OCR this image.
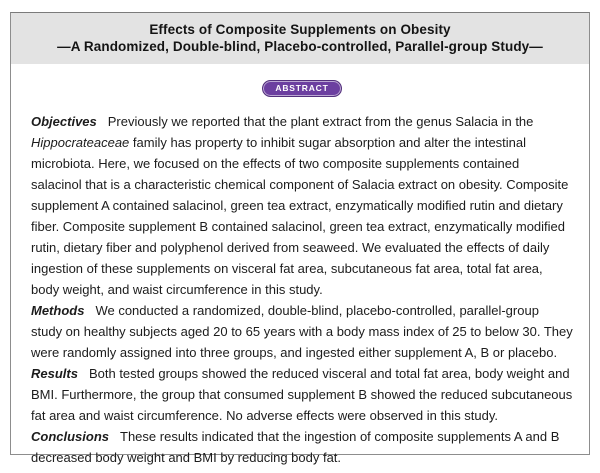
Effects of Composite Supplements on Obesity
—A Randomized, Double-blind, Placebo-controlled, Parallel-group Study—
ABSTRACT

Objectives Previously we reported that the plant extract from the genus Salacia in the Hippocrateaceae family has property to inhibit sugar absorption and alter the intestinal microbiota. Here, we focused on the effects of two composite supplements contained salacinol that is a characteristic chemical component of Salacia extract on obesity. Composite supplement A contained salacinol, green tea extract, enzymatically modified rutin and dietary fiber. Composite supplement B contained salacinol, green tea extract, enzymatically modified rutin, dietary fiber and polyphenol derived from seaweed. We evaluated the effects of daily ingestion of these supplements on visceral fat area, subcutaneous fat area, total fat area, body weight, and waist circumference in this study.

Methods We conducted a randomized, double-blind, placebo-controlled, parallel-group study on healthy subjects aged 20 to 65 years with a body mass index of 25 to below 30. They were randomly assigned into three groups, and ingested either supplement A, B or placebo.

Results Both tested groups showed the reduced visceral and total fat area, body weight and BMI. Furthermore, the group that consumed supplement B showed the reduced subcutaneous fat area and waist circumference. No adverse effects were observed in this study.

Conclusions These results indicated that the ingestion of composite supplements A and B decreased body weight and BMI by reducing body fat.
